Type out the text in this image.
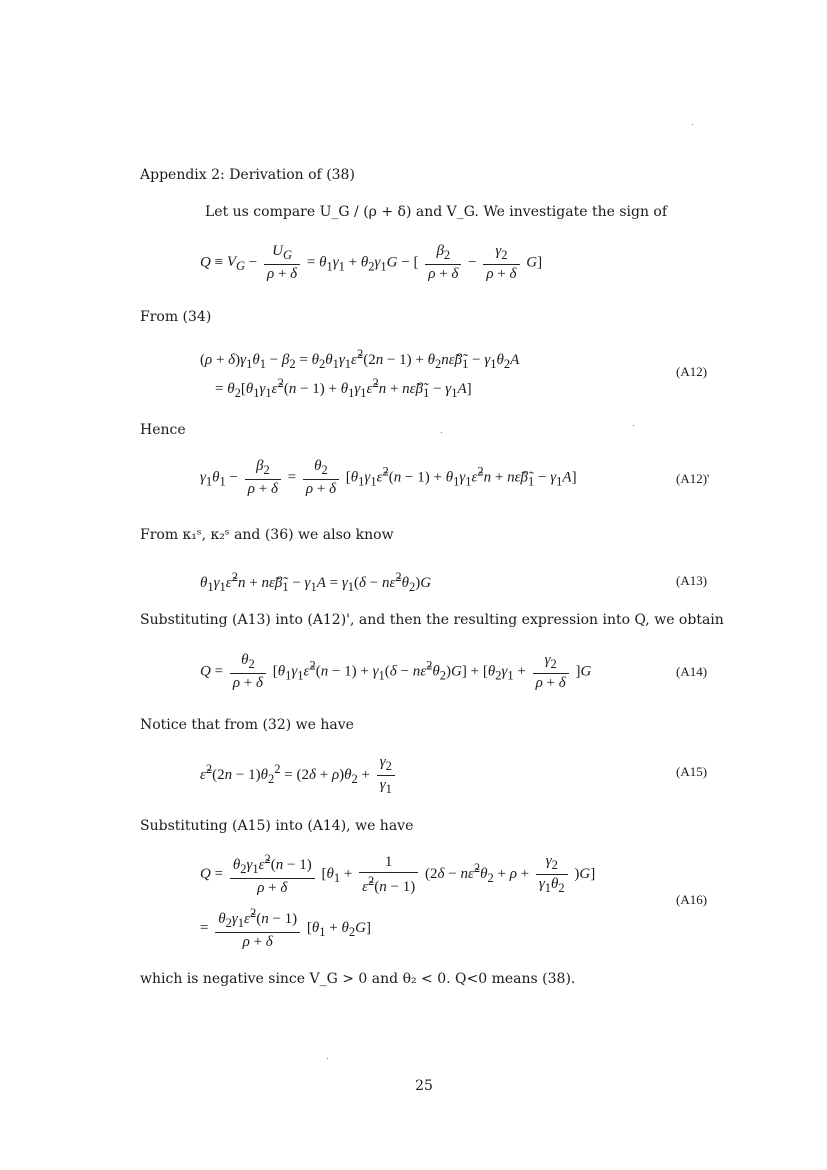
Appendix 2: Derivation of (38)
Let us compare U_G / (ρ + δ) and V_G. We investigate the sign of
$Q \equiv V_G - \frac{U_G}{\rho + \delta} = \theta_1\gamma_1 + \theta_2\gamma_1G$ − [ $\frac{\beta_2}{\rho + \delta} - \frac{\gamma_2}{\rho + \delta} G$]
From (34)
$(\rho + \delta)\gamma_1\theta_1 - \beta_2$ = $\theta_2\theta_1\gamma_1\varepsiloñ^2(2n - 1)$ + $\theta_2n\varepsiloñ\betã_1 - \gamma_1\theta_2A$
= $\theta_2[\theta_1\gamma_1\varepsiloñ^2(n - 1)$ + $\theta_1\gamma_1\varepsiloñ^2n$ + $n\varepsiloñ\betã_1 - \gamma_1A$]
(A12)
Hence
$\gamma_1\theta_1 - \frac{\beta_2}{\rho + \delta} = \frac{\theta_2}{\rho + \delta}$ [$\theta_1\gamma_1\varepsiloñ^2(n - 1)$ + $\theta_1\gamma_1\varepsiloñ^2n$ + $n\varepsiloñ\betã_1 - \gamma_1A$]	(A12)'
From κ₁ˢ, κ₂ˢ and (36) we also know
$\theta_1\gamma_1\varepsiloñ^2n$ + $n\varepsiloñ\betã_1 - \gamma_1A = \gamma_1(\delta$ − $n\varepsiloñ^2\theta_2)G$	(A13)
Substituting (A13) into (A12)', and then the resulting expression into Q, we obtain
$Q = \frac{\theta_2}{\rho + \delta}$ [$\theta_1\gamma_1\varepsiloñ^2(n - 1) + \gamma_1(\delta$ − $n\varepsiloñ^2\theta_2)G] + [\theta_2\gamma_1 + \frac{\gamma_2}{\rho + \delta} ]G$	(A14)
Notice that from (32) we have
ε̃$^2$(2n − $1)\theta_2^2 = (2\delta + \rho)\theta_2 + \frac{\gamma_2}{\gamma_1}$	(A15)
Substituting (A15) into (A14), we have
$Q = \frac{\theta_2\gamma_1\varepsiloñ^2(n - 1)}{\rho + \delta} [\theta_1 + \frac{1}{\varepsiloñ^2(n - 1)} (2\delta$ − $n\varepsiloñ^2\theta_2 + \rho + \frac{\gamma_2}{\gamma_1\theta_2} )G$]
= $\frac{\theta_2\gamma_1\varepsiloñ^2(n - 1)}{\rho + \delta} [\theta_1 + \theta_2G]$
(A16)
which is negative since V_G > 0 and θ₂ < 0. Q<0 means (38).
25
